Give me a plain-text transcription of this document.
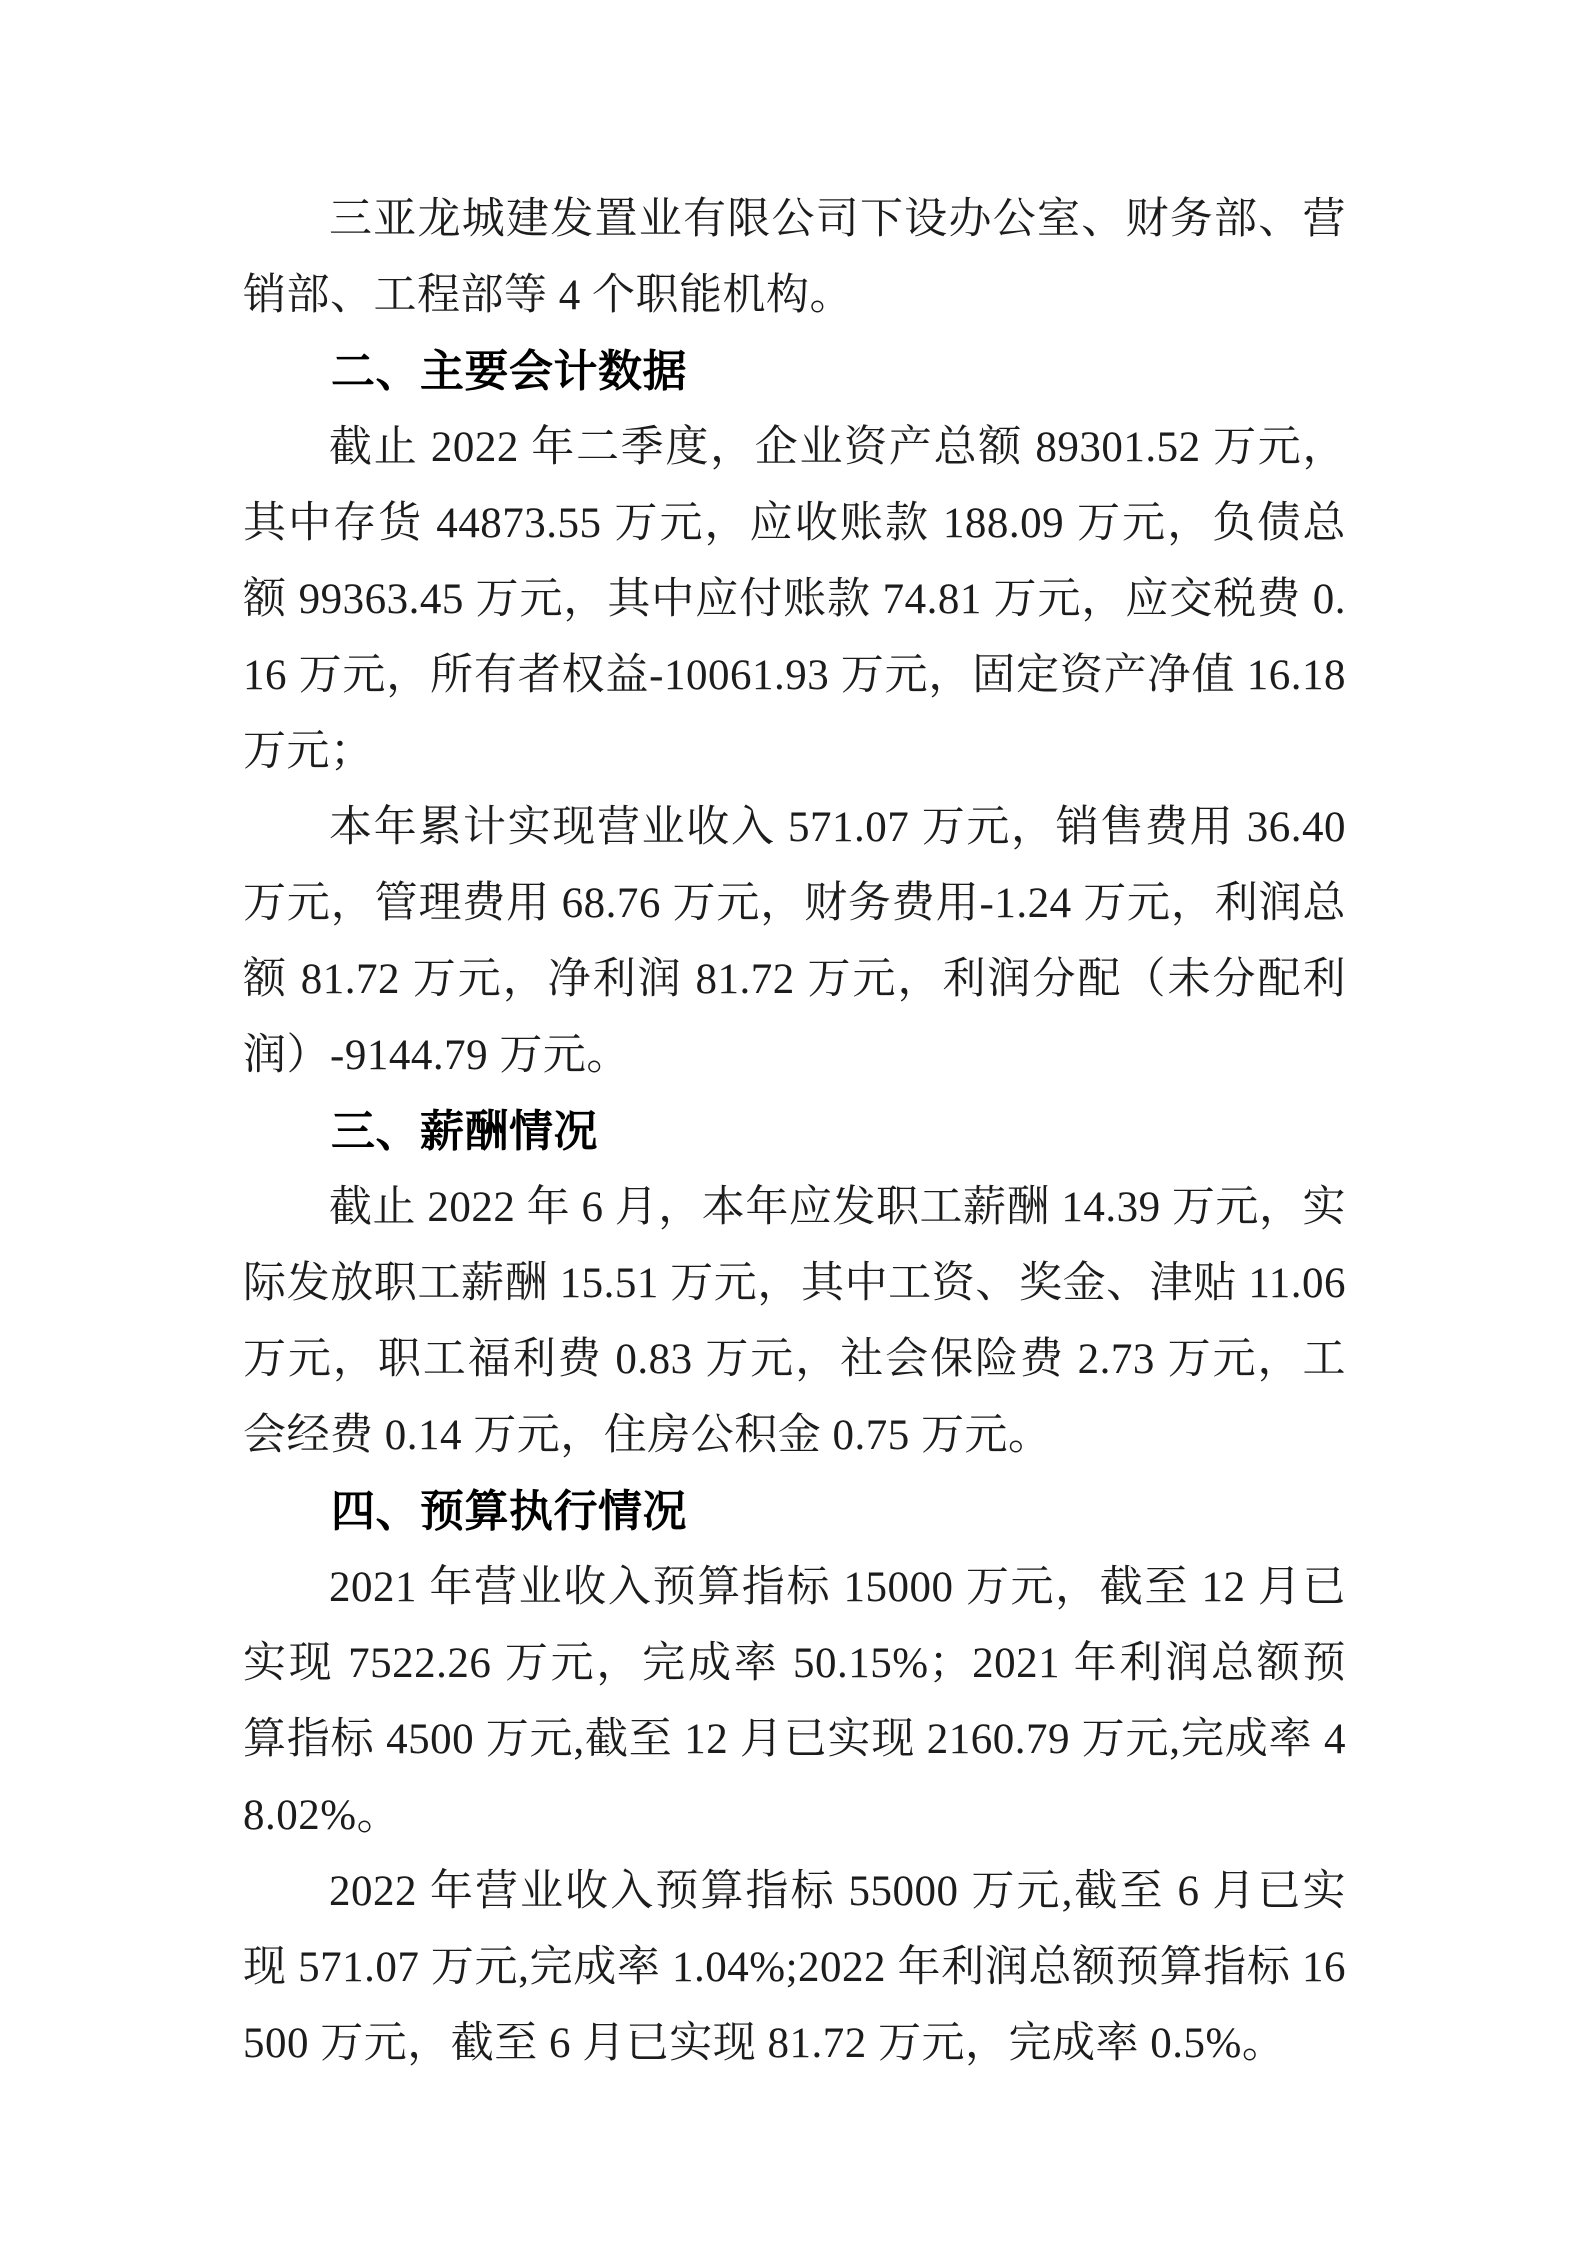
三亚龙城建发置业有限公司下设办公室、财务部、营销部、工程部等 4 个职能机构。

二、主要会计数据

截止 2022 年二季度，企业资产总额 89301.52 万元，其中存货 44873.55 万元，应收账款 188.09 万元，负债总额 99363.45 万元，其中应付账款 74.81 万元，应交税费 0.16 万元，所有者权益-10061.93 万元，固定资产净值 16.18 万元；

本年累计实现营业收入 571.07 万元，销售费用 36.40 万元，管理费用 68.76 万元，财务费用-1.24 万元，利润总额 81.72 万元，净利润 81.72 万元，利润分配（未分配利润）-9144.79 万元。

三、薪酬情况

截止 2022 年 6 月，本年应发职工薪酬 14.39 万元，实际发放职工薪酬 15.51 万元，其中工资、奖金、津贴 11.06 万元，职工福利费 0.83 万元，社会保险费 2.73 万元，工会经费 0.14 万元，住房公积金 0.75 万元。

四、预算执行情况

2021 年营业收入预算指标 15000 万元，截至 12 月已实现 7522.26 万元，完成率 50.15%；2021 年利润总额预算指标 4500 万元,截至 12 月已实现 2160.79 万元,完成率 48.02%。

2022 年营业收入预算指标 55000 万元,截至 6 月已实现 571.07 万元,完成率 1.04%;2022 年利润总额预算指标 16500 万元，截至 6 月已实现 81.72 万元，完成率 0.5%。
